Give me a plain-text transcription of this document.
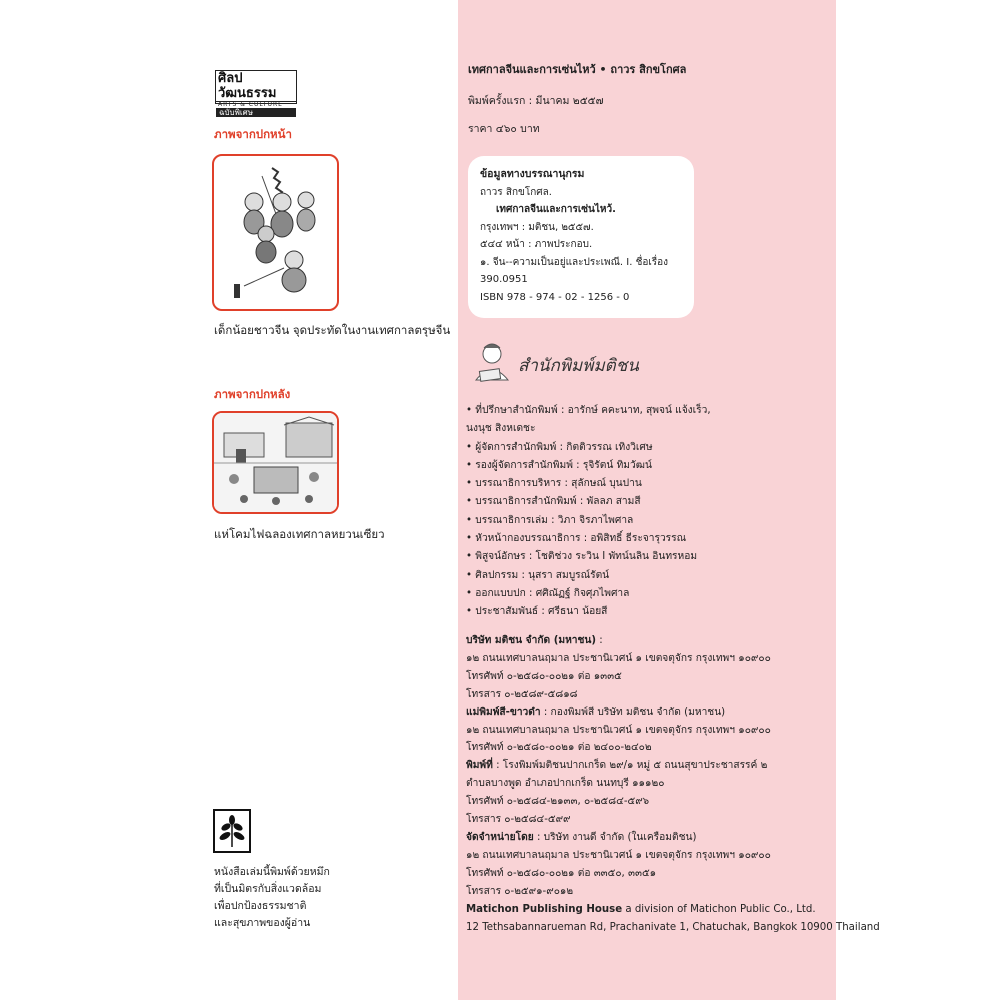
ศิลปวัฒนธรรม
ARTS & CULTURE
ฉบับพิเศษ
ภาพจากปกหน้า
เด็กน้อยชาวจีน จุดประทัดในงานเทศกาลตรุษจีน
ภาพจากปกหลัง
แห่โคมไฟฉลองเทศกาลหยวนเซียว
หนังสือเล่มนี้พิมพ์ด้วยหมึก
ที่เป็นมิตรกับสิ่งแวดล้อม
เพื่อปกป้องธรรมชาติ
และสุขภาพของผู้อ่าน
เทศกาลจีนและการเซ่นไหว้ • ถาวร สิกขโกศล
พิมพ์ครั้งแรก : มีนาคม ๒๕๕๗
ราคา ๔๖๐ บาท
ข้อมูลทางบรรณานุกรม
ถาวร สิกขโกศล.
เทศกาลจีนและการเซ่นไหว้.
กรุงเทพฯ : มติชน, ๒๕๕๗.
๕๔๔ หน้า : ภาพประกอบ.
๑. จีน--ความเป็นอยู่และประเพณี. I. ชื่อเรื่อง
390.0951
ISBN 978 - 974 - 02 - 1256 - 0
สำนักพิมพ์มติชน
• ที่ปรึกษาสำนักพิมพ์ : อารักษ์ คคะนาท, สุพจน์ แจ้งเร็ว,
นงนุช สิงหเดชะ
• ผู้จัดการสำนักพิมพ์ : กิตติวรรณ เทิงวิเศษ
• รองผู้จัดการสำนักพิมพ์ : รุจิรัตน์ ทิมวัฒน์
• บรรณาธิการบริหาร : สุลักษณ์ บุนปาน
• บรรณาธิการสำนักพิมพ์ : พัลลภ สามสี
• บรรณาธิการเล่ม : วิภา จิรภาไพศาล
• หัวหน้ากองบรรณาธิการ : อพิสิทธิ์ ธีระจารุวรรณ
• พิสูจน์อักษร : โชติช่วง ระวิน I พัทน์นลิน อินทรหอม
• ศิลปกรรม : นุสรา สมบูรณ์รัตน์
• ออกแบบปก : ศศิณัฏฐ์ กิจศุภไพศาล
• ประชาสัมพันธ์ : ศรีธนา น้อยสี
บริษัท มติชน จำกัด (มหาชน) :
๑๒ ถนนเทศบาลนฤมาล ประชานิเวศน์ ๑ เขตจตุจักร กรุงเทพฯ ๑๐๙๐๐
โทรศัพท์ ๐-๒๕๘๐-๐๐๒๑ ต่อ ๑๓๓๕
โทรสาร ๐-๒๕๘๙-๕๘๑๘
แม่พิมพ์สี-ขาวดำ : กองพิมพ์สี บริษัท มติชน จำกัด (มหาชน)
๑๒ ถนนเทศบาลนฤมาล ประชานิเวศน์ ๑ เขตจตุจักร กรุงเทพฯ ๑๐๙๐๐
โทรศัพท์ ๐-๒๕๘๐-๐๐๒๑ ต่อ ๒๔๐๐-๒๔๐๒
พิมพ์ที่ : โรงพิมพ์มติชนปากเกร็ด ๒๙/๑ หมู่ ๕ ถนนสุขาประชาสรรค์ ๒
ตำบลบางพูด อำเภอปากเกร็ด นนทบุรี ๑๑๑๒๐
โทรศัพท์ ๐-๒๕๘๔-๒๑๓๓, ๐-๒๕๘๔-๕๙๖
โทรสาร ๐-๒๕๘๔-๕๙๙
จัดจำหน่ายโดย : บริษัท งานดี จำกัด (ในเครือมติชน)
๑๒ ถนนเทศบาลนฤมาล ประชานิเวศน์ ๑ เขตจตุจักร กรุงเทพฯ ๑๐๙๐๐
โทรศัพท์ ๐-๒๕๘๐-๐๐๒๑ ต่อ ๓๓๕๐, ๓๓๕๑
โทรสาร ๐-๒๕๙๑-๙๐๑๒
Matichon Publishing House a division of Matichon Public Co., Ltd.
12 Tethsabannarueman Rd, Prachanivate 1, Chatuchak, Bangkok 10900 Thailand
